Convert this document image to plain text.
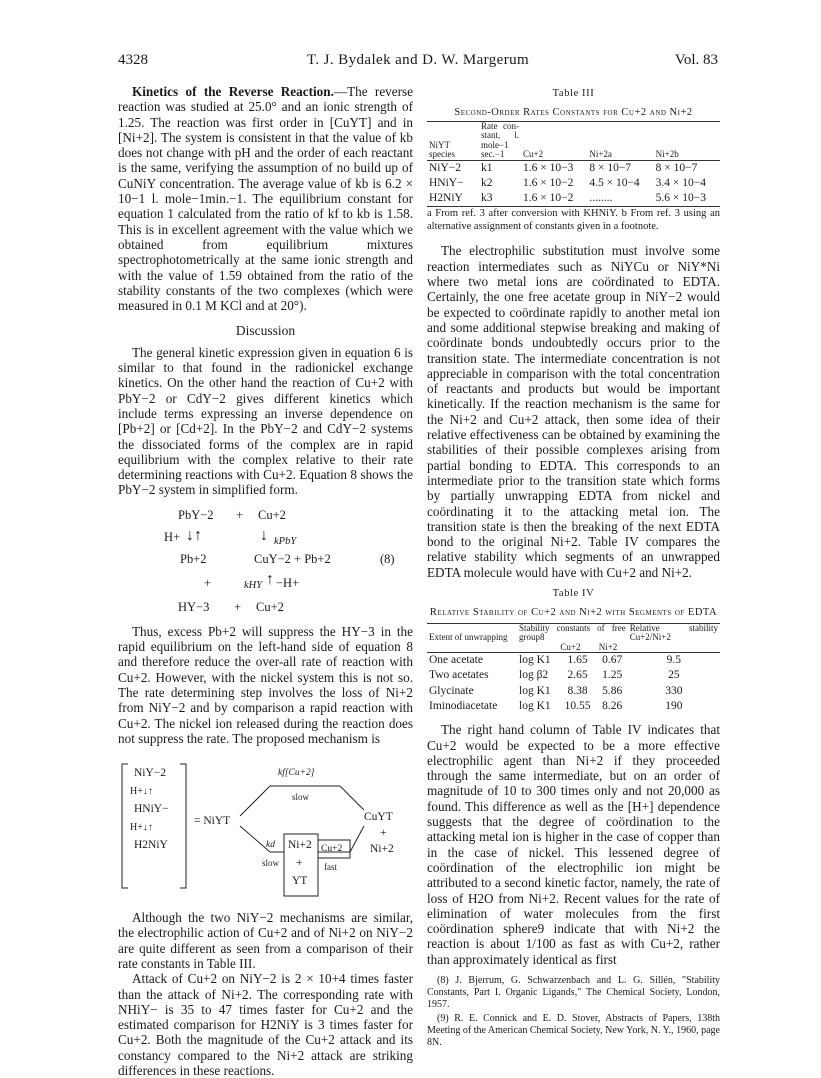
4328	T. J. Bydalek and D. W. Margerum	Vol. 83

Kinetics of the Reverse Reaction.—The reverse reaction was studied at 25.0° and an ionic strength of 1.25. The reaction was first order in [CuYT] and in [Ni+2]. The system is consistent in that the value of kb does not change with pH and the order of each reactant is the same, verifying the assumption of no build up of CuNiY concentration. The average value of kb is 6.2 × 10−1 l. mole−1min.−1. The equilibrium constant for equation 1 calculated from the ratio of kf to kb is 1.58. This is in excellent agreement with the value which we obtained from equilibrium mixtures spectrophotometrically at the same ionic strength and with the value of 1.59 obtained from the ratio of the stability constants of the two complexes (which were measured in 0.1 M KCl and at 20°).

Discussion

The general kinetic expression given in equation 6 is similar to that found in the radionickel exchange kinetics. On the other hand the reaction of Cu+2 with PbY−2 or CdY−2 gives different kinetics which include terms expressing an inverse dependence on [Pb+2] or [Cd+2]. In the PbY−2 and CdY−2 systems the dissociated forms of the complex are in rapid equilibrium with the complex relative to their rate determining reactions with Cu+2. Equation 8 shows the PbY−2 system in simplified form.

PbY−2 + Cu+2
H+ ↓↑	↓ kPbY
Pb+2	CuY−2 + Pb+2	(8)
+	kHY ↑ −H+
HY−3 + Cu+2

Thus, excess Pb+2 will suppress the HY−3 in the rapid equilibrium on the left-hand side of equation 8 and therefore reduce the over-all rate of reaction with Cu+2. However, with the nickel system this is not so. The rate determining step involves the loss of Ni+2 from NiY−2 and by comparison a rapid reaction with Cu+2. The nickel ion released during the reaction does not suppress the rate. The proposed mechanism is

NiY−2
H+↓↑
HNiY−
H+↓↑
H2NiY
= NiYT
kf[Cu+2]
slow
CuYT
+
Ni+2
kd
slow
Ni+2
+
YT
Cu+2
fast

Although the two NiY−2 mechanisms are similar, the electrophilic action of Cu+2 and of Ni+2 on NiY−2 are quite different as seen from a comparison of their rate constants in Table III.

Attack of Cu+2 on NiY−2 is 2 × 10+4 times faster than the attack of Ni+2. The corresponding rate with NHiY− is 35 to 47 times faster for Cu+2 and the estimated comparison for H2NiY is 3 times faster for Cu+2. Both the magnitude of the Cu+2 attack and its constancy compared to the Ni+2 attack are striking differences in these reactions.

Table III
Second-Order Rates Constants for Cu+2 and Ni+2
NiYT species	Rate con-stant, l. mole−1 sec.−1	Cu+2	Ni+2a	Ni+2b
NiY−2	k1	1.6 × 10−3	8 × 10−7	8 × 10−7
HNiY−	k2	1.6 × 10−2	4.5 × 10−4	3.4 × 10−4
H2NiY	k3	1.6 × 10−2	........	5.6 × 10−3
a From ref. 3 after conversion with KHNiY. b From ref. 3 using an alternative assignment of constants given in a footnote.

The electrophilic substitution must involve some reaction intermediates such as NiYCu or NiY*Ni where two metal ions are coördinated to EDTA. Certainly, the one free acetate group in NiY−2 would be expected to coördinate rapidly to another metal ion and some additional stepwise breaking and making of coördinate bonds undoubtedly occurs prior to the transition state. The intermediate concentration is not appreciable in comparison with the total concentration of reactants and products but would be important kinetically. If the reaction mechanism is the same for the Ni+2 and Cu+2 attack, then some idea of their relative effectiveness can be obtained by examining the stabilities of their possible complexes arising from partial bonding to EDTA. This corresponds to an intermediate prior to the transition state which forms by partially unwrapping EDTA from nickel and coördinating it to the attacking metal ion. The transition state is then the breaking of the next EDTA bond to the original Ni+2. Table IV compares the relative stability which segments of an unwrapped EDTA molecule would have with Cu+2 and Ni+2.

Table IV
Relative Stability of Cu+2 and Ni+2 with Segments of EDTA
Extent of unwrapping	Stability constants of free group8			Relative stability Cu+2/Ni+2
		Cu+2	Ni+2	
One acetate	log K1	1.65	0.67	9.5
Two acetates	log β2	2.65	1.25	25
Glycinate	log K1	8.38	5.86	330
Iminodiacetate	log K1	10.55	8.26	190

The right hand column of Table IV indicates that Cu+2 would be expected to be a more effective electrophilic agent than Ni+2 if they proceeded through the same intermediate, but on an order of magnitude of 10 to 300 times only and not 20,000 as found. This difference as well as the [H+] dependence suggests that the degree of coördination to the attacking metal ion is higher in the case of copper than in the case of nickel. This lessened degree of coördination of the electrophilic ion might be attributed to a second kinetic factor, namely, the rate of loss of H2O from Ni+2. Recent values for the rate of elimination of water molecules from the first coördination sphere9 indicate that with Ni+2 the reaction is about 1/100 as fast as with Cu+2, rather than approximately identical as first

(8) J. Bjerrum, G. Schwarzenbach and L. G. Sillén, "Stability Constants, Part I. Organic Ligands," The Chemical Society, London, 1957.

(9) R. E. Connick and E. D. Stover, Abstracts of Papers, 138th Meeting of the American Chemical Society, New York, N. Y., 1960, page 8N.
